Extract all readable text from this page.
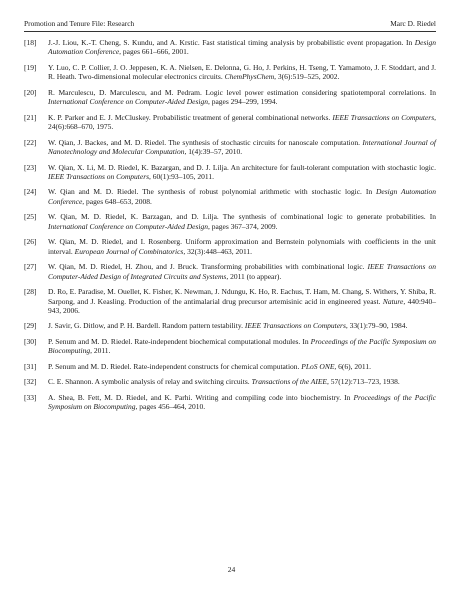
Promotion and Tenure File: Research	Marc D. Riedel
[18]	J.-J. Liou, K.-T. Cheng, S. Kundu, and A. Krstic. Fast statistical timing analysis by probabilistic event propagation. In Design Automation Conference, pages 661–666, 2001.
[19]	Y. Luo, C. P. Collier, J. O. Jeppesen, K. A. Nielsen, E. Delonna, G. Ho, J. Perkins, H. Tseng, T. Yamamoto, J. F. Stoddart, and J. R. Heath. Two-dimensional molecular electronics circuits. ChemPhysChem, 3(6):519–525, 2002.
[20]	R. Marculescu, D. Marculescu, and M. Pedram. Logic level power estimation considering spatiotemporal correlations. In International Conference on Computer-Aided Design, pages 294–299, 1994.
[21]	K. P. Parker and E. J. McCluskey. Probabilistic treatment of general combinational networks. IEEE Transactions on Computers, 24(6):668–670, 1975.
[22]	W. Qian, J. Backes, and M. D. Riedel. The synthesis of stochastic circuits for nanoscale computation. International Journal of Nanotechnology and Molecular Computation, 1(4):39–57, 2010.
[23]	W. Qian, X. Li, M. D. Riedel, K. Bazargan, and D. J. Lilja. An architecture for fault-tolerant computation with stochastic logic. IEEE Transactions on Computers, 60(1):93–105, 2011.
[24]	W. Qian and M. D. Riedel. The synthesis of robust polynomial arithmetic with stochastic logic. In Design Automation Conference, pages 648–653, 2008.
[25]	W. Qian, M. D. Riedel, K. Barzagan, and D. Lilja. The synthesis of combinational logic to generate probabilities. In International Conference on Computer-Aided Design, pages 367–374, 2009.
[26]	W. Qian, M. D. Riedel, and I. Rosenberg. Uniform approximation and Bernstein polynomials with coefficients in the unit interval. European Journal of Combinatorics, 32(3):448–463, 2011.
[27]	W. Qian, M. D. Riedel, H. Zhou, and J. Bruck. Transforming probabilities with combinational logic. IEEE Transactions on Computer-Aided Design of Integrated Circuits and Systems, 2011 (to appear).
[28]	D. Ro, E. Paradise, M. Ouellet, K. Fisher, K. Newman, J. Ndungu, K. Ho, R. Eachus, T. Ham, M. Chang, S. Withers, Y. Shiba, R. Sarpong, and J. Keasling. Production of the antimalarial drug precursor artemisinic acid in engineered yeast. Nature, 440:940–943, 2006.
[29]	J. Savir, G. Ditlow, and P. H. Bardell. Random pattern testability. IEEE Transactions on Computers, 33(1):79–90, 1984.
[30]	P. Senum and M. D. Riedel. Rate-independent biochemical computational modules. In Proceedings of the Pacific Symposium on Biocomputing, 2011.
[31]	P. Senum and M. D. Riedel. Rate-independent constructs for chemical computation. PLoS ONE, 6(6), 2011.
[32]	C. E. Shannon. A symbolic analysis of relay and switching circuits. Transactions of the AIEE, 57(12):713–723, 1938.
[33]	A. Shea, B. Fett, M. D. Riedel, and K. Parhi. Writing and compiling code into biochemistry. In Proceedings of the Pacific Symposium on Biocomputing, pages 456–464, 2010.
24
